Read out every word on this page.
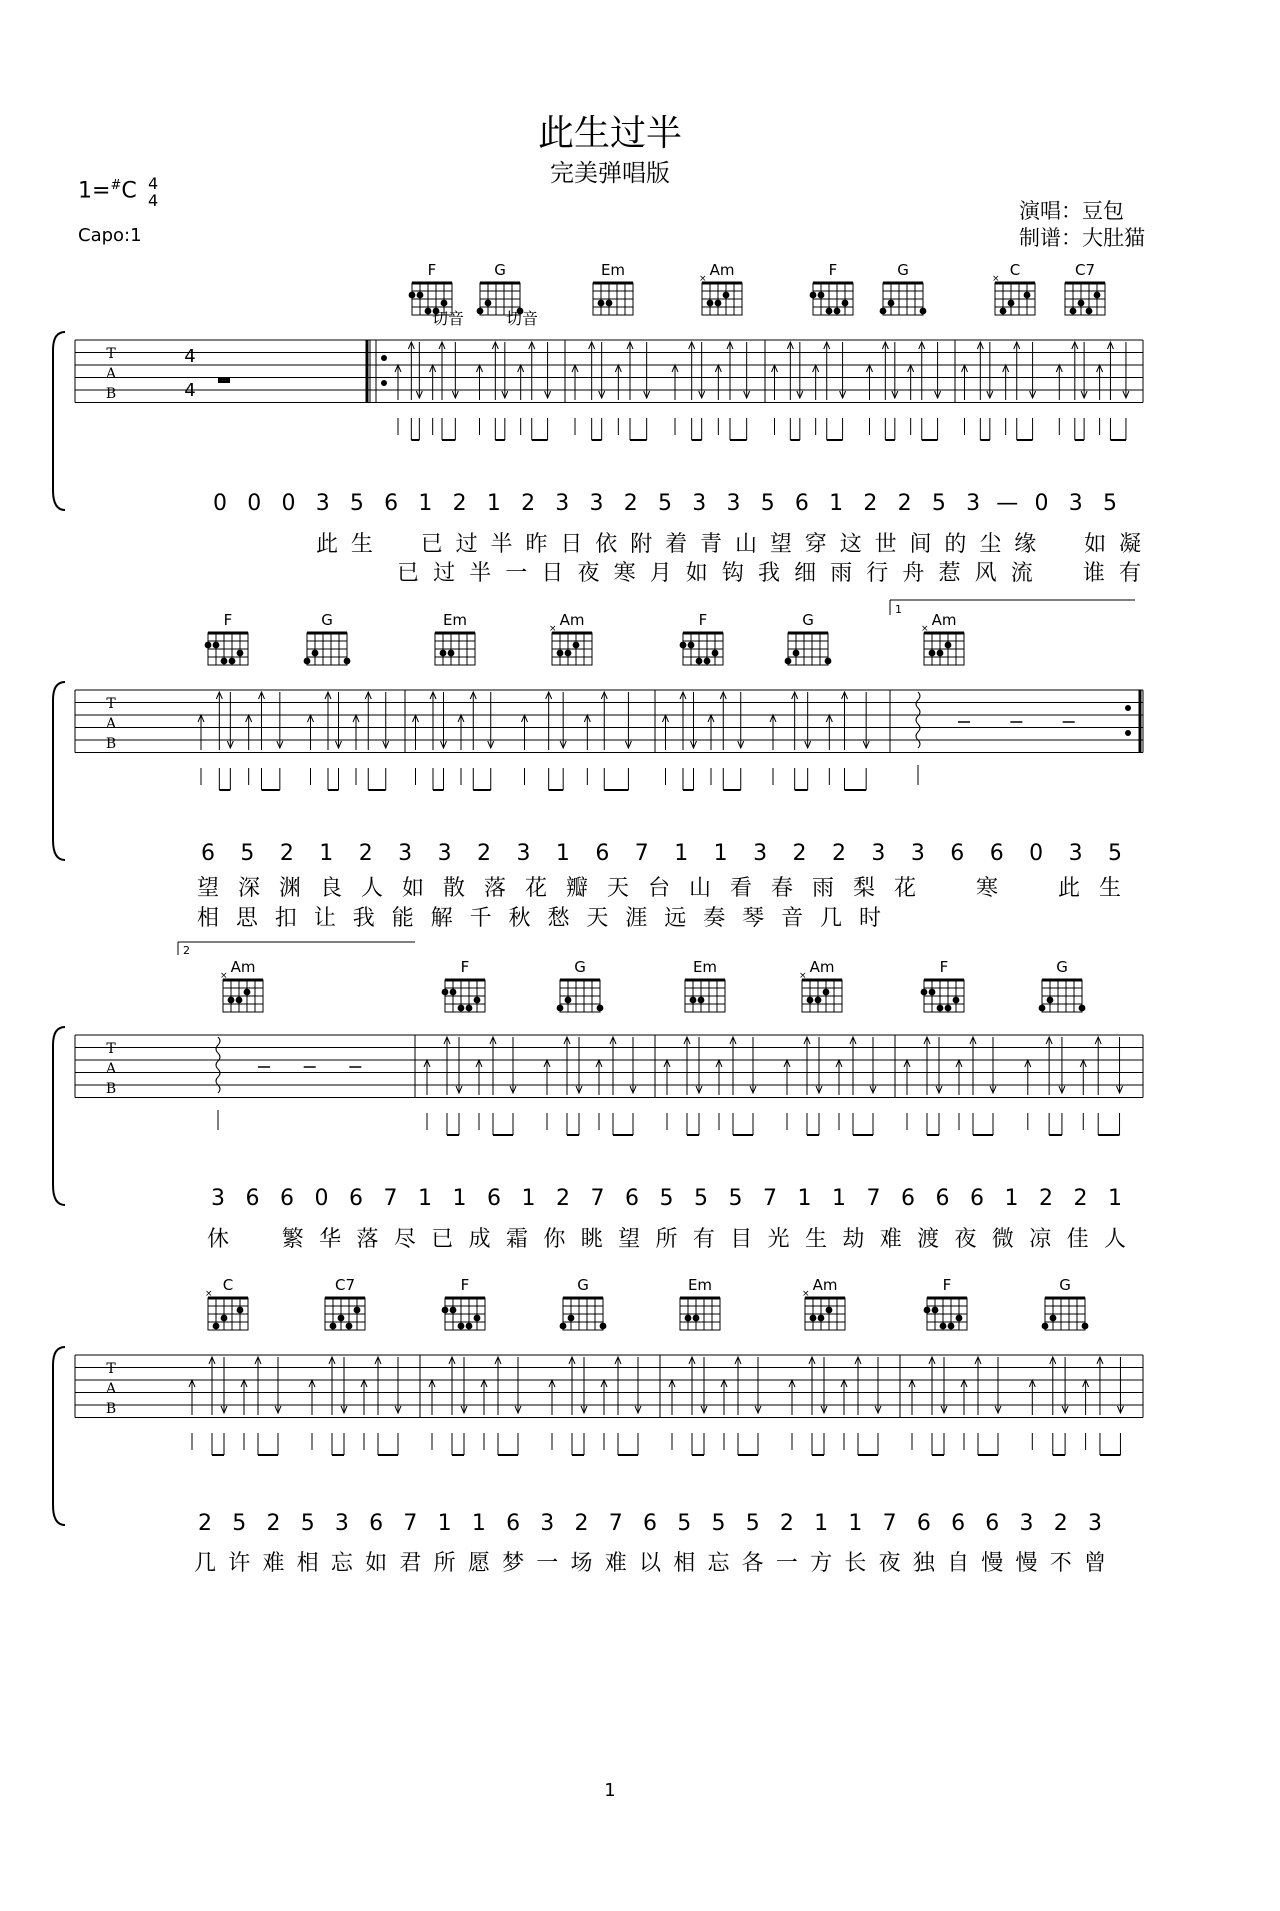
此生过半
完美弹唱版
1=#C 4
4
Capo:1
演唱：豆包
制谱：大肚猫
F	G	Em	Am
×	F	G	C
×	C7
切音	切音
T
A
B
4
4
0 0 0 3 5 6 1 2 1 2 3 3 2 5 3 3 5 6 1 2 2 5 3 — 0 3 5
此 生 已 过 半 昨 日 依 附 着 青 山 望 穿 这 世 间 的 尘 缘 如 凝
已 过 半 一 日 夜 寒 月 如 钩 我 细 雨 行 舟 惹 风 流 谁 有
F	G	Em	Am
×	F	G	Am
×
1
T
A
B
6 5 2 1 2 3 3 2 3 1 6 7 1 1 3 2 2 3 3 6 6 0 3 5
望 深 渊 良 人 如 散 落 花 瓣 天 台 山 看 春 雨 梨 花	寒	此 生
相 思 扣 让 我 能 解 千 秋 愁 天 涯 远 奏 琴 音 几 时
2
Am
×	F	G	Em	Am
×	F	G
T
A
B
3 6 6 0 6 7 1 1 6 1 2 7 6 5 5 5 7 1 1 7 6 6 6 1 2 2 1
休 繁 华 落 尽 已 成 霜 你 眺 望 所 有 目 光 生 劫 难 渡 夜 微 凉 佳 人
C
×	C7	F	G	Em	Am
×	F	G
T
A
B
2 5 2 5 3 6 7 1 1 6 3 2 7 6 5 5 5 2 1 1 7 6 6 6 3 2 3
几 许 难 相 忘 如 君 所 愿 梦 一 场 难 以 相 忘 各 一 方 长 夜 独 自 慢 慢 不 曾
1
